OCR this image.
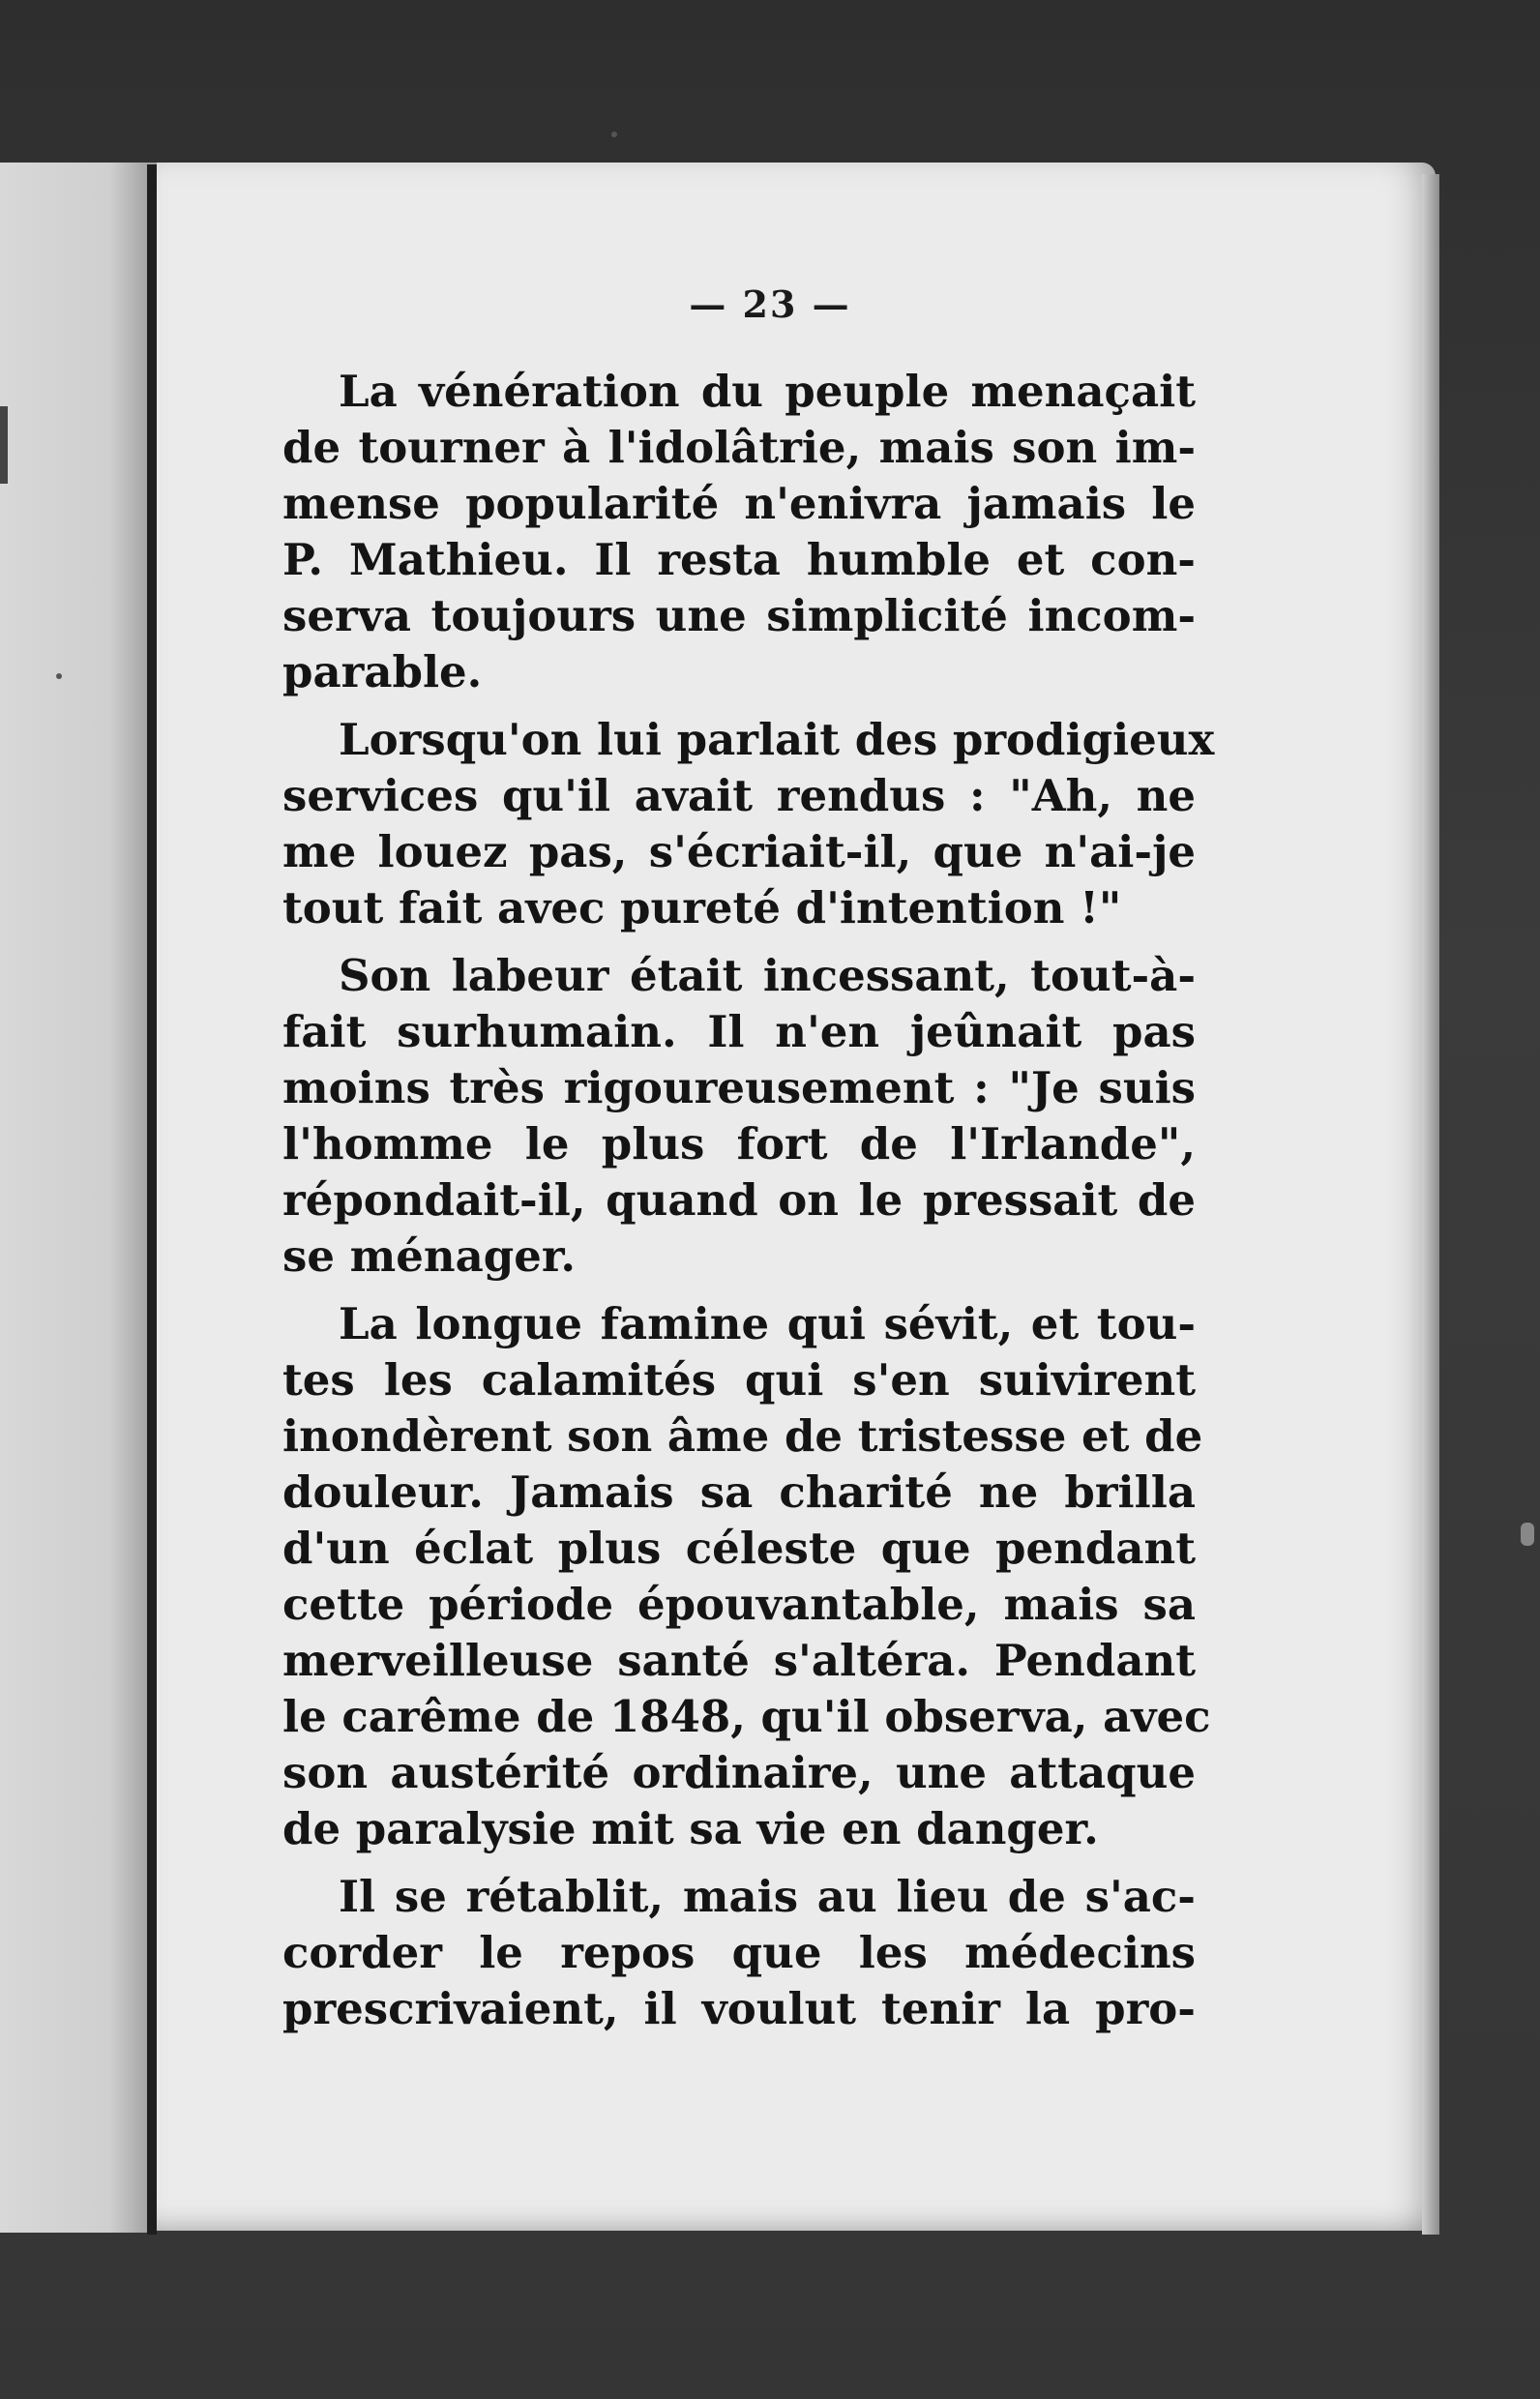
— 23 —
La vénération du peuple menaçait
de tourner à l'idolâtrie, mais son im-
mense popularité n'enivra jamais le
P. Mathieu. Il resta humble et con-
serva toujours une simplicité incom-
parable.
Lorsqu'on lui parlait des prodigieux
services qu'il avait rendus : "Ah, ne
me louez pas, s'écriait-il, que n'ai-je
tout fait avec pureté d'intention !"
Son labeur était incessant, tout-à-
fait surhumain. Il n'en jeûnait pas
moins très rigoureusement : "Je suis
l'homme le plus fort de l'Irlande",
répondait-il, quand on le pressait de
se ménager.
La longue famine qui sévit, et tou-
tes les calamités qui s'en suivirent
inondèrent son âme de tristesse et de
douleur. Jamais sa charité ne brilla
d'un éclat plus céleste que pendant
cette période épouvantable, mais sa
merveilleuse santé s'altéra. Pendant
le carême de 1848, qu'il observa, avec
son austérité ordinaire, une attaque
de paralysie mit sa vie en danger.
Il se rétablit, mais au lieu de s'ac-
corder le repos que les médecins
prescrivaient, il voulut tenir la pro-
